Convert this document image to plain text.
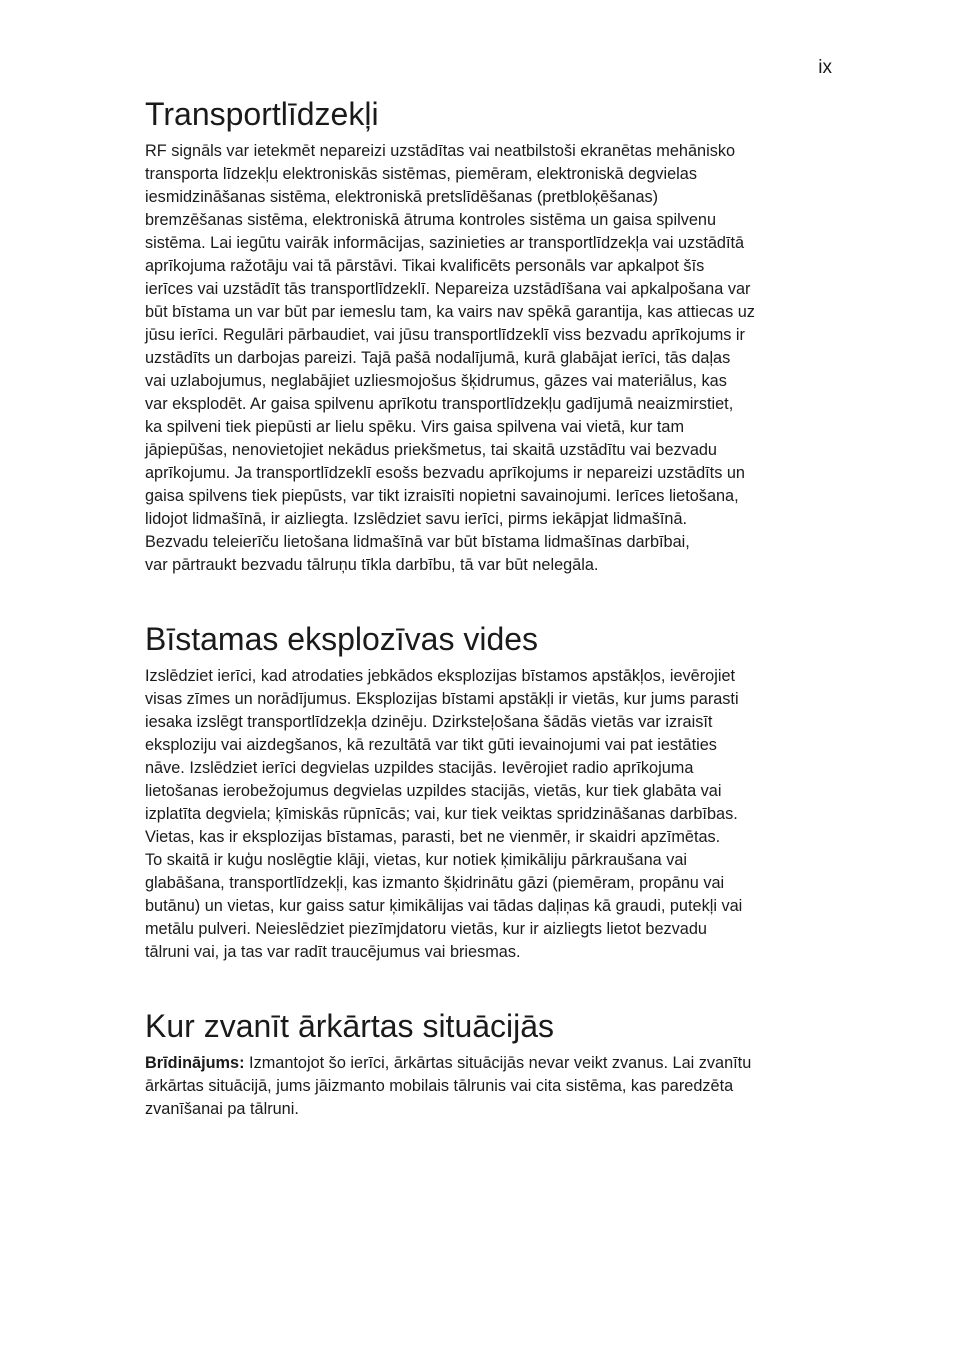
ix
Transportlīdzekļi

RF signāls var ietekmēt nepareizi uzstādītas vai neatbilstoši ekranētas mehānisko

transporta līdzekļu elektroniskās sistēmas, piemēram, elektroniskā degvielas

iesmidzināšanas sistēma, elektroniskā pretslīdēšanas (pretbloķēšanas)

bremzēšanas sistēma, elektroniskā ātruma kontroles sistēma un gaisa spilvenu

sistēma. Lai iegūtu vairāk informācijas, sazinieties ar transportlīdzekļa vai uzstādītā

aprīkojuma ražotāju vai tā pārstāvi. Tikai kvalificēts personāls var apkalpot šīs

ierīces vai uzstādīt tās transportlīdzeklī. Nepareiza uzstādīšana vai apkalpošana var

būt bīstama un var būt par iemeslu tam, ka vairs nav spēkā garantija, kas attiecas uz

jūsu ierīci. Regulāri pārbaudiet, vai jūsu transportlīdzeklī viss bezvadu aprīkojums ir

uzstādīts un darbojas pareizi. Tajā pašā nodalījumā, kurā glabājat ierīci, tās daļas

vai uzlabojumus, neglabājiet uzliesmojošus šķidrumus, gāzes vai materiālus, kas

var eksplodēt. Ar gaisa spilvenu aprīkotu transportlīdzekļu gadījumā neaizmirstiet,

ka spilveni tiek piepūsti ar lielu spēku. Virs gaisa spilvena vai vietā, kur tam

jāpiepūšas, nenovietojiet nekādus priekšmetus, tai skaitā uzstādītu vai bezvadu

aprīkojumu. Ja transportlīdzeklī esošs bezvadu aprīkojums ir nepareizi uzstādīts un

gaisa spilvens tiek piepūsts, var tikt izraisīti nopietni savainojumi. Ierīces lietošana,

lidojot lidmašīnā, ir aizliegta. Izslēdziet savu ierīci, pirms iekāpjat lidmašīnā.

Bezvadu teleierīču lietošana lidmašīnā var būt bīstama lidmašīnas darbībai,

var pārtraukt bezvadu tālruņu tīkla darbību, tā var būt nelegāla.

Bīstamas eksplozīvas vides

Izslēdziet ierīci, kad atrodaties jebkādos eksplozijas bīstamos apstākļos, ievērojiet

visas zīmes un norādījumus. Eksplozijas bīstami apstākļi ir vietās, kur jums parasti

iesaka izslēgt transportlīdzekļa dzinēju. Dzirksteļošana šādās vietās var izraisīt

eksploziju vai aizdegšanos, kā rezultātā var tikt gūti ievainojumi vai pat iestāties

nāve. Izslēdziet ierīci degvielas uzpildes stacijās. Ievērojiet radio aprīkojuma

lietošanas ierobežojumus degvielas uzpildes stacijās, vietās, kur tiek glabāta vai

izplatīta degviela; ķīmiskās rūpnīcās; vai, kur tiek veiktas spridzināšanas darbības.

Vietas, kas ir eksplozijas bīstamas, parasti, bet ne vienmēr, ir skaidri apzīmētas.

To skaitā ir kuģu noslēgtie klāji, vietas, kur notiek ķimikāliju pārkraušana vai

glabāšana, transportlīdzekļi, kas izmanto šķidrinātu gāzi (piemēram, propānu vai

butānu) un vietas, kur gaiss satur ķimikālijas vai tādas daļiņas kā graudi, putekļi vai

metālu pulveri. Neieslēdziet piezīmjdatoru vietās, kur ir aizliegts lietot bezvadu

tālruni vai, ja tas var radīt traucējumus vai briesmas.

Kur zvanīt ārkārtas situācijās

Brīdinājums: Izmantojot šo ierīci, ārkārtas situācijās nevar veikt zvanus. Lai zvanītu

ārkārtas situācijā, jums jāizmanto mobilais tālrunis vai cita sistēma, kas paredzēta

zvanīšanai pa tālruni.
